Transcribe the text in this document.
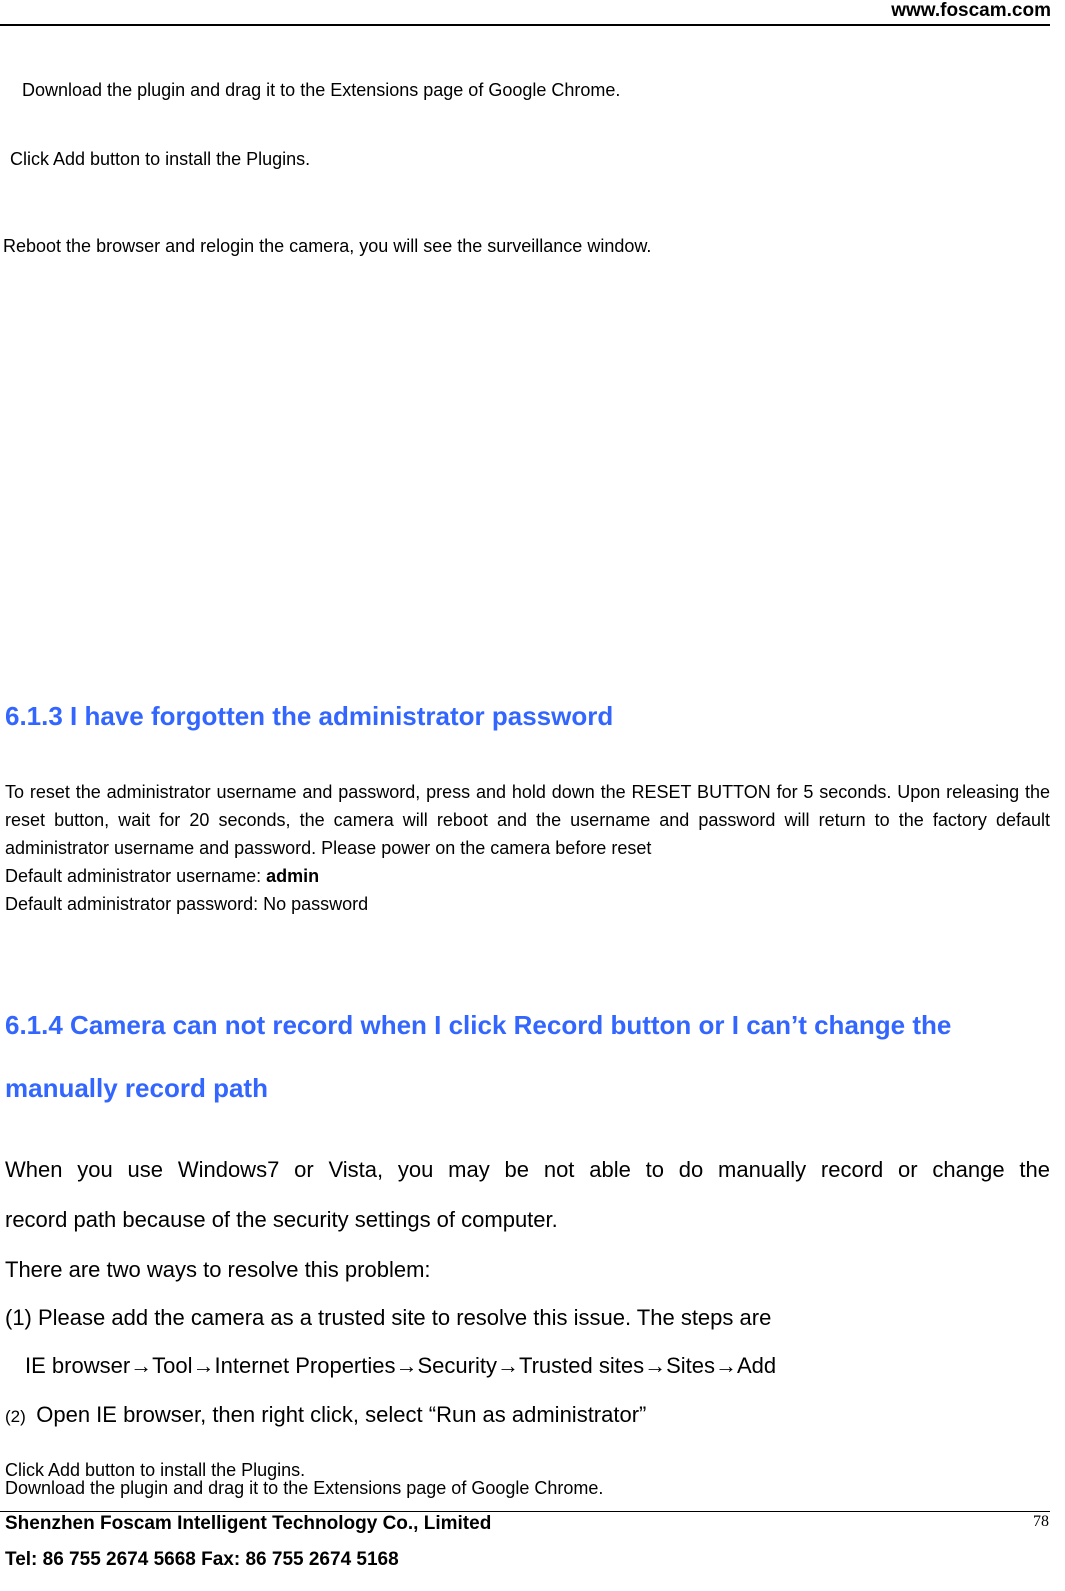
www.foscam.com
Download the plugin and drag it to the Extensions page of Google Chrome.
Click Add button to install the Plugins.
Reboot the browser and relogin the camera, you will see the surveillance window.
6.1.3 I have forgotten the administrator password

To reset the administrator username and password, press and hold down the RESET BUTTON for 5 seconds. Upon releasing the reset button, wait for 20 seconds, the camera will reboot and the username and password will return to the factory default administrator username and password. Please power on the camera before reset

Default administrator username: admin

Default administrator password: No password

6.1.4 Camera can not record when I click Record button or I can’t change the
manually record path
When you use Windows7 or Vista, you may be not able to do manually record or change the
record path because of the security settings of computer.
There are two ways to resolve this problem:
(1) Please add the camera as a trusted site to resolve this issue. The steps are
IE browser→Tool→Internet Properties→Security→Trusted sites→Sites→Add
(2) Open IE browser, then right click, select “Run as administrator”
Click Add button to install the Plugins.
Download the plugin and drag it to the Extensions page of Google Chrome.
Shenzhen Foscam Intelligent Technology Co., Limited
Tel: 86 755 2674 5668 Fax: 86 755 2674 5168
78
